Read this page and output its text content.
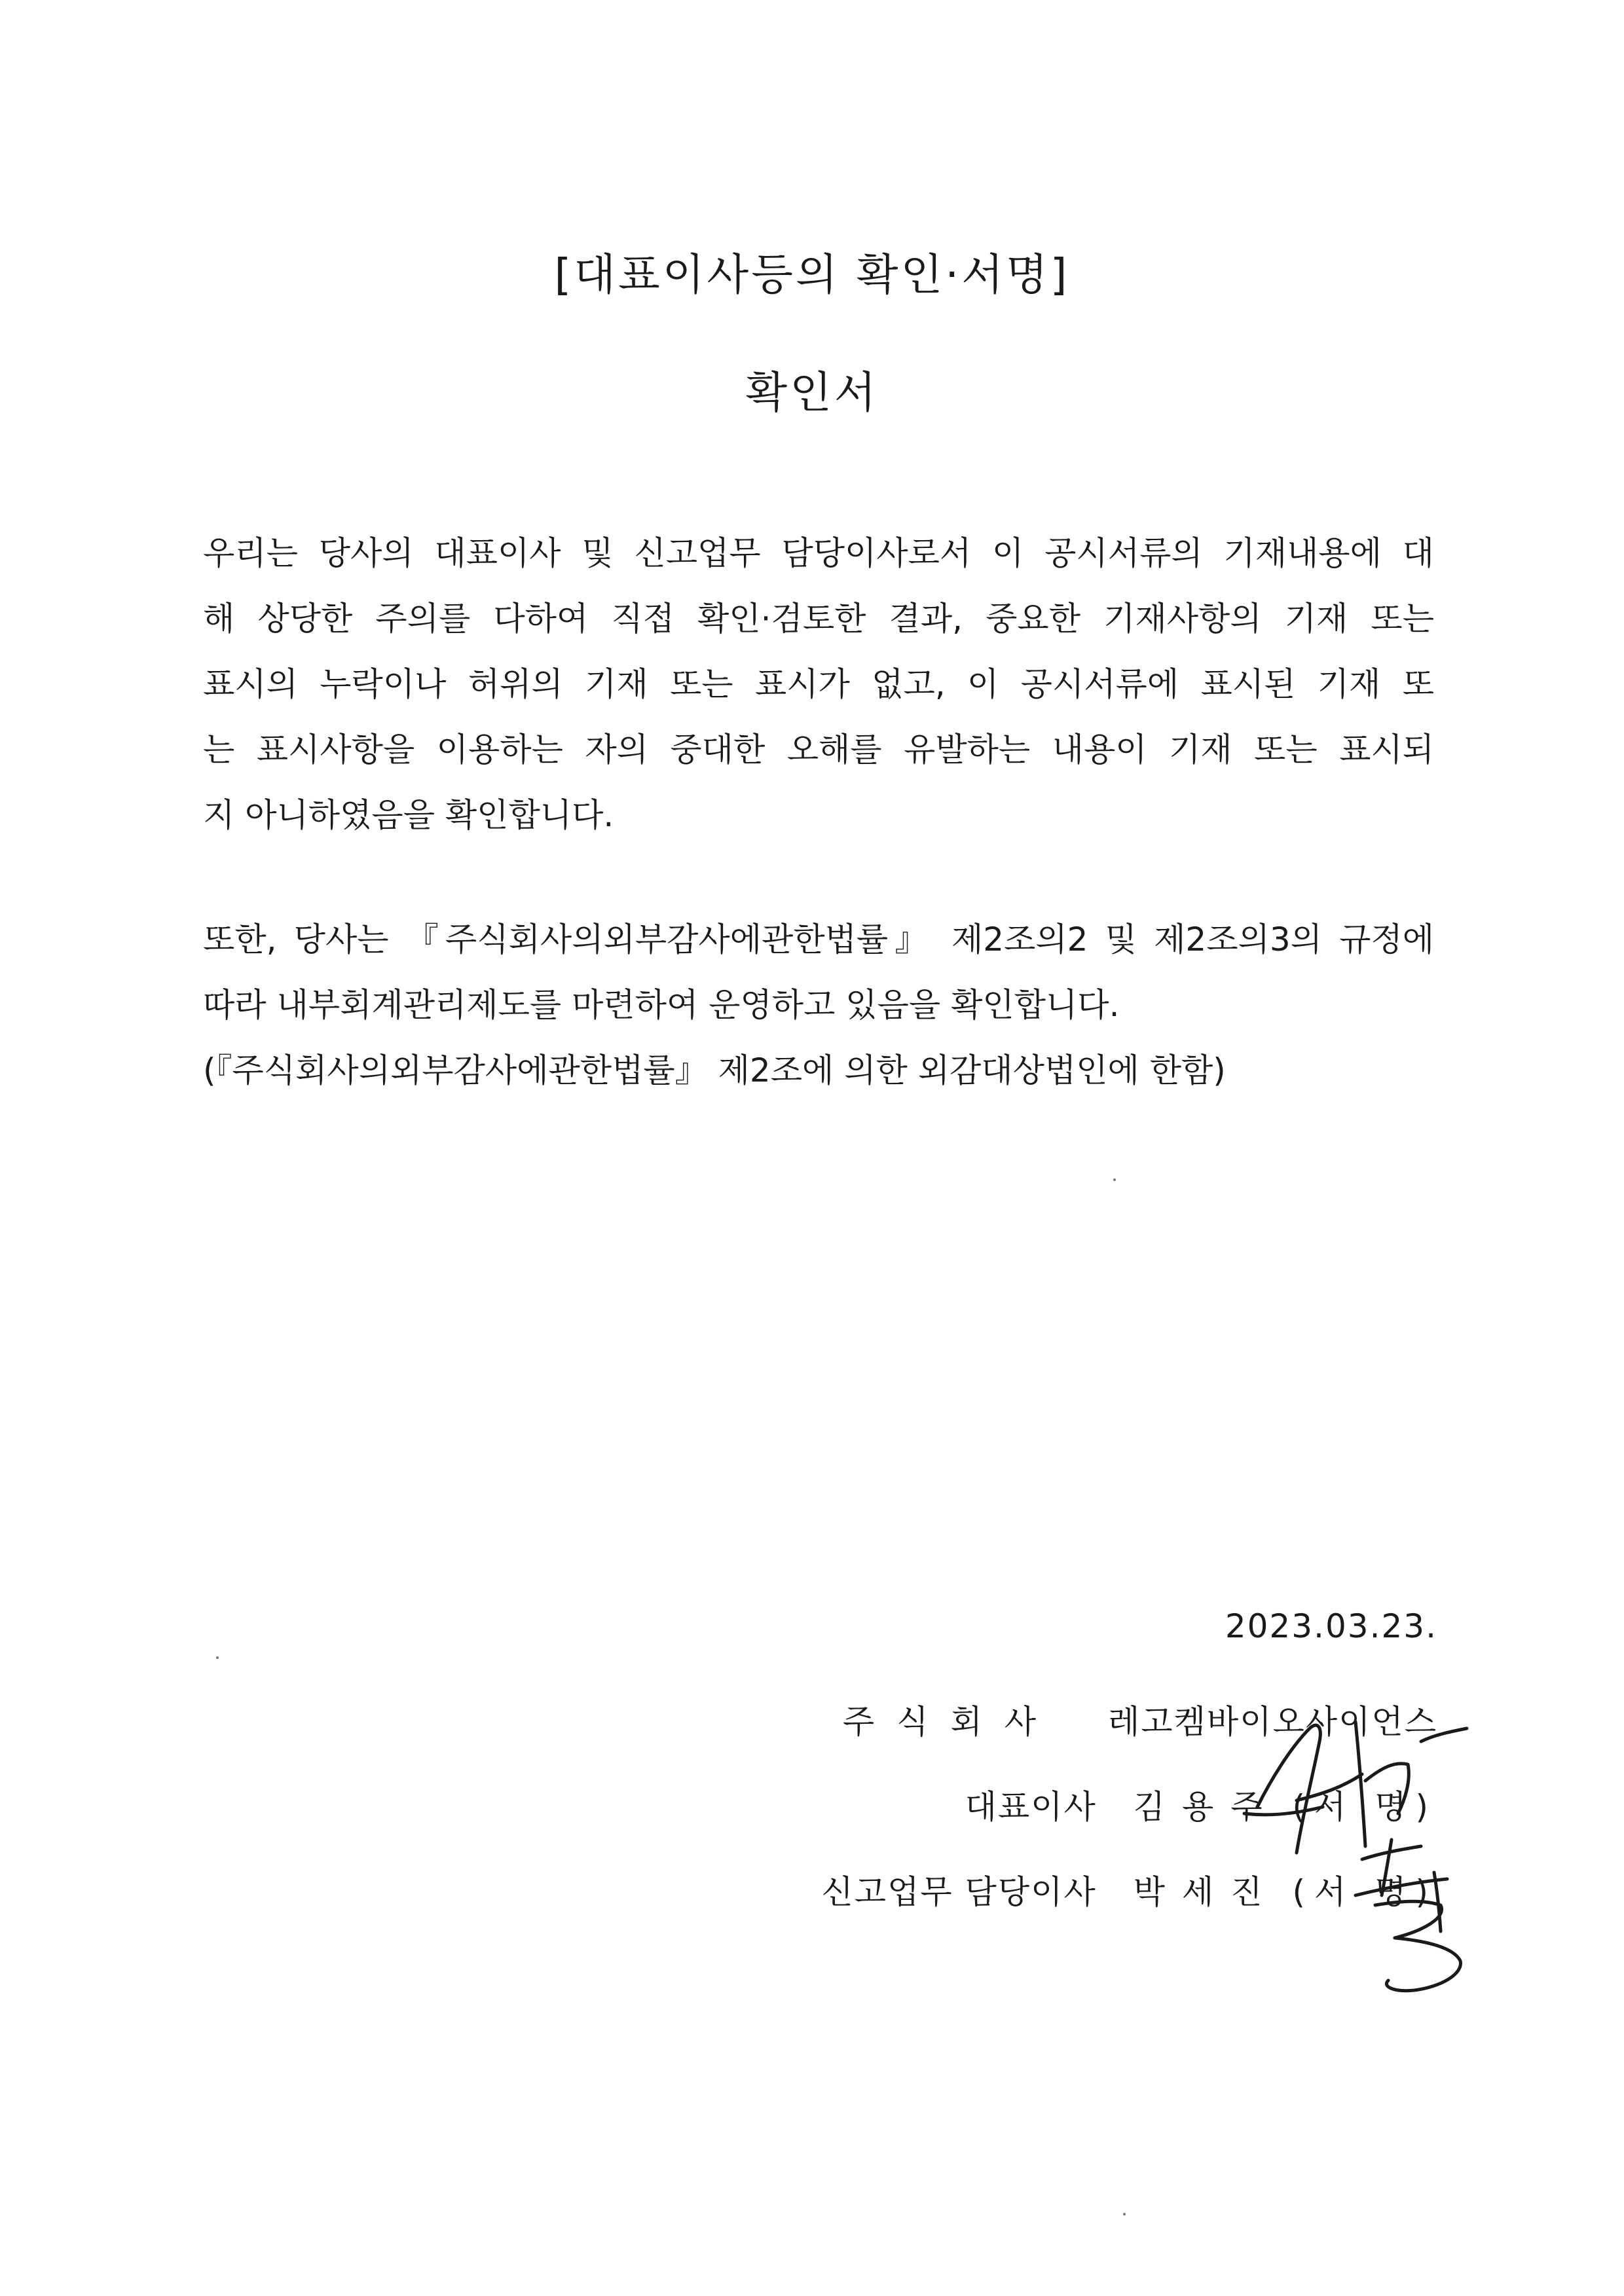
[대표이사등의 확인·서명]
확인서
우리는 당사의 대표이사 및 신고업무 담당이사로서 이 공시서류의 기재내용에 대
해 상당한 주의를 다하여 직접 확인·검토한 결과, 중요한 기재사항의 기재 또는
표시의 누락이나 허위의 기재 또는 표시가 없고, 이 공시서류에 표시된 기재 또
는 표시사항을 이용하는 자의 중대한 오해를 유발하는 내용이 기재 또는 표시되
지 아니하였음을 확인합니다.
또한, 당사는 『주식회사의외부감사에관한법률』 제2조의2 및 제2조의3의 규정에
따라 내부회계관리제도를 마련하여 운영하고 있음을 확인합니다.
(『주식회사의외부감사에관한법률』 제2조에 의한 외감대상법인에 한함)
2023.03.23.
주식회사 레고켐바이오사이언스
대표이사 김용주 (서 명)
신고업무 담당이사 박세진 (서 명)
